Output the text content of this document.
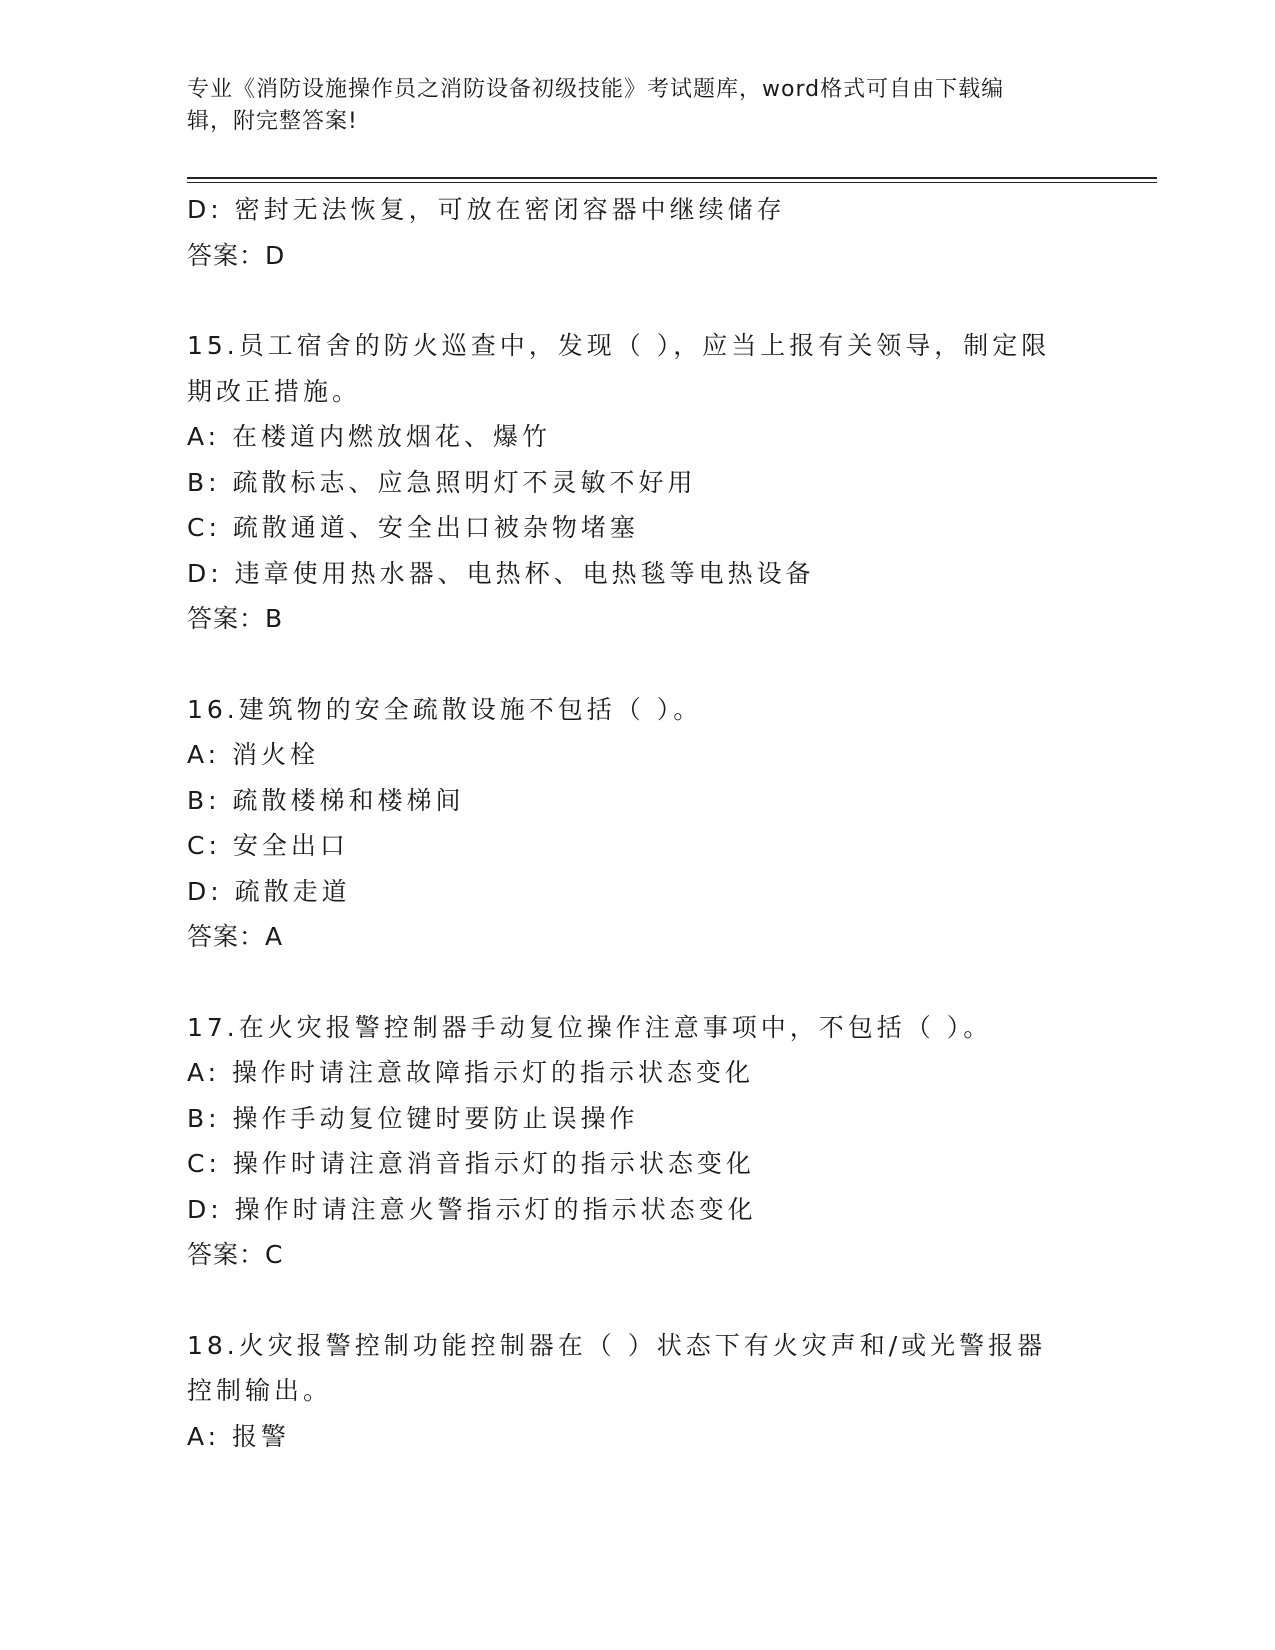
专业《消防设施操作员之消防设备初级技能》考试题库，word格式可自由下载编
辑，附完整答案!
D: 密封无法恢复，可放在密闭容器中继续储存
答案：D
15.员工宿舍的防火巡查中，发现（ ），应当上报有关领导，制定限
期改正措施。
A: 在楼道内燃放烟花、爆竹
B: 疏散标志、应急照明灯不灵敏不好用
C: 疏散通道、安全出口被杂物堵塞
D: 违章使用热水器、电热杯、电热毯等电热设备
答案：B
16.建筑物的安全疏散设施不包括（ ）。
A: 消火栓
B: 疏散楼梯和楼梯间
C: 安全出口
D: 疏散走道
答案：A
17.在火灾报警控制器手动复位操作注意事项中，不包括（ ）。
A: 操作时请注意故障指示灯的指示状态变化
B: 操作手动复位键时要防止误操作
C: 操作时请注意消音指示灯的指示状态变化
D: 操作时请注意火警指示灯的指示状态变化
答案：C
18.火灾报警控制功能控制器在（ ）状态下有火灾声和/或光警报器
控制输出。
A: 报警
